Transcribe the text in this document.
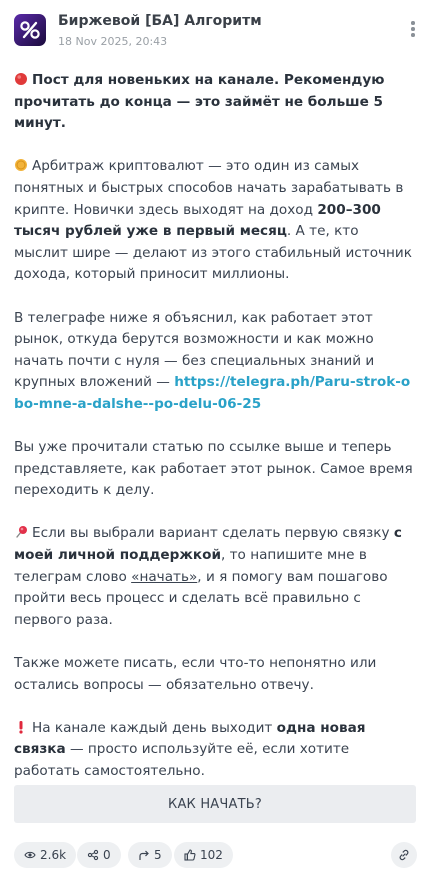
Биржевой [БА] Алгоритм
18 Nov 2025, 20:43

Пост для новеньких на канале. Рекомендую прочитать до конца — это займёт не больше 5 минут.

Арбитраж криптовалют — это один из самых понятных и быстрых способов начать зарабатывать в крипте. Новички здесь выходят на доход 200–300 тысяч рублей уже в первый месяц. А те, кто мыслит шире — делают из этого стабильный источник дохода, который приносит миллионы.

В телеграфе ниже я объяснил, как работает этот рынок, откуда берутся возможности и как можно начать почти с нуля — без специальных знаний и крупных вложений — https://telegra.ph/Paru-strok-obo-mne-a-dalshe--po-delu-06-25

Вы уже прочитали статью по ссылке выше и теперь представляете, как работает этот рынок. Самое время переходить к делу.

Если вы выбрали вариант сделать первую связку с моей личной поддержкой, то напишите мне в телеграм слово «начать», и я помогу вам пошагово пройти весь процесс и сделать всё правильно с первого раза.

Также можете писать, если что-то непонятно или остались вопросы — обязательно отвечу.

На канале каждый день выходит одна новая связка — просто используйте её, если хотите работать самостоятельно.

КАК НАЧАТЬ?
2.6k	0	5	102
